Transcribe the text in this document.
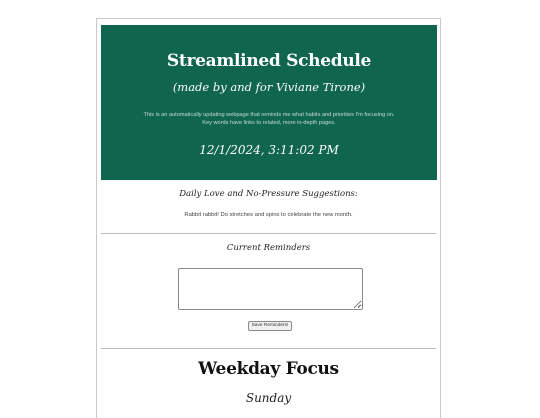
Streamlined Schedule
(made by and for Viviane Tirone)
This is an automatically updating webpage that reminds me what habits and priorities I'm focusing on.
Key words have links to related, more in-depth pages.
12/1/2024, 3:11:02 PM
Daily Love and No-Pressure Suggestions:
Rabbit rabbit! Do stretches and spins to celebrate the new month.
Current Reminders
Save Reminders!
Weekday Focus
Sunday
